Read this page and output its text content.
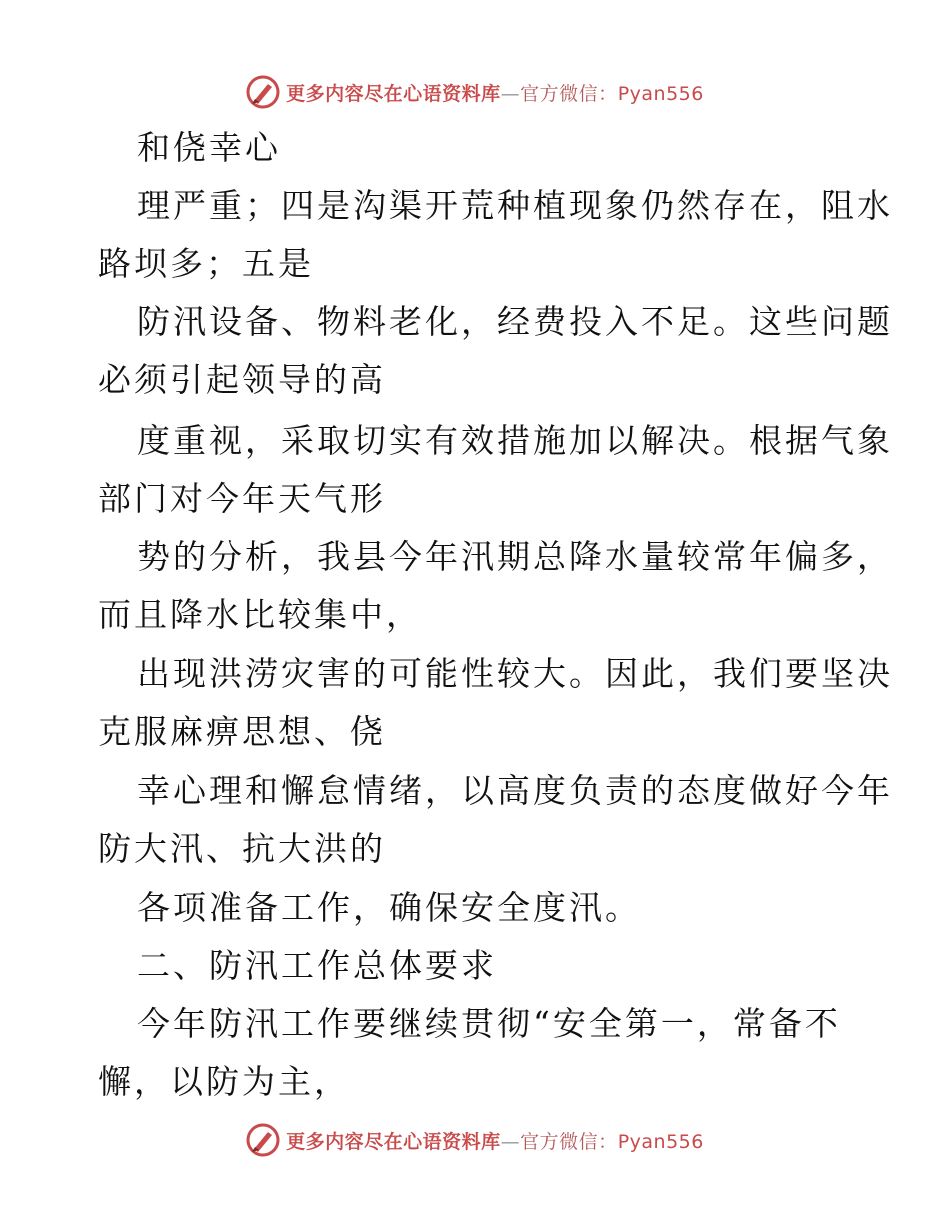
更多内容尽在心语资料库—官方微信：Pyan556
和侥幸心
理严重；四是沟渠开荒种植现象仍然存在，阻水
路坝多；五是
防汛设备、物料老化，经费投入不足。这些问题
必须引起领导的高
度重视，采取切实有效措施加以解决。根据气象
部门对今年天气形
势的分析，我县今年汛期总降水量较常年偏多，
而且降水比较集中，
出现洪涝灾害的可能性较大。因此，我们要坚决
克服麻痹思想、侥
幸心理和懈怠情绪，以高度负责的态度做好今年
防大汛、抗大洪的
各项准备工作，确保安全度汛。
二、防汛工作总体要求
今年防汛工作要继续贯彻“安全第一，常备不
懈，以防为主，
更多内容尽在心语资料库—官方微信：Pyan556
